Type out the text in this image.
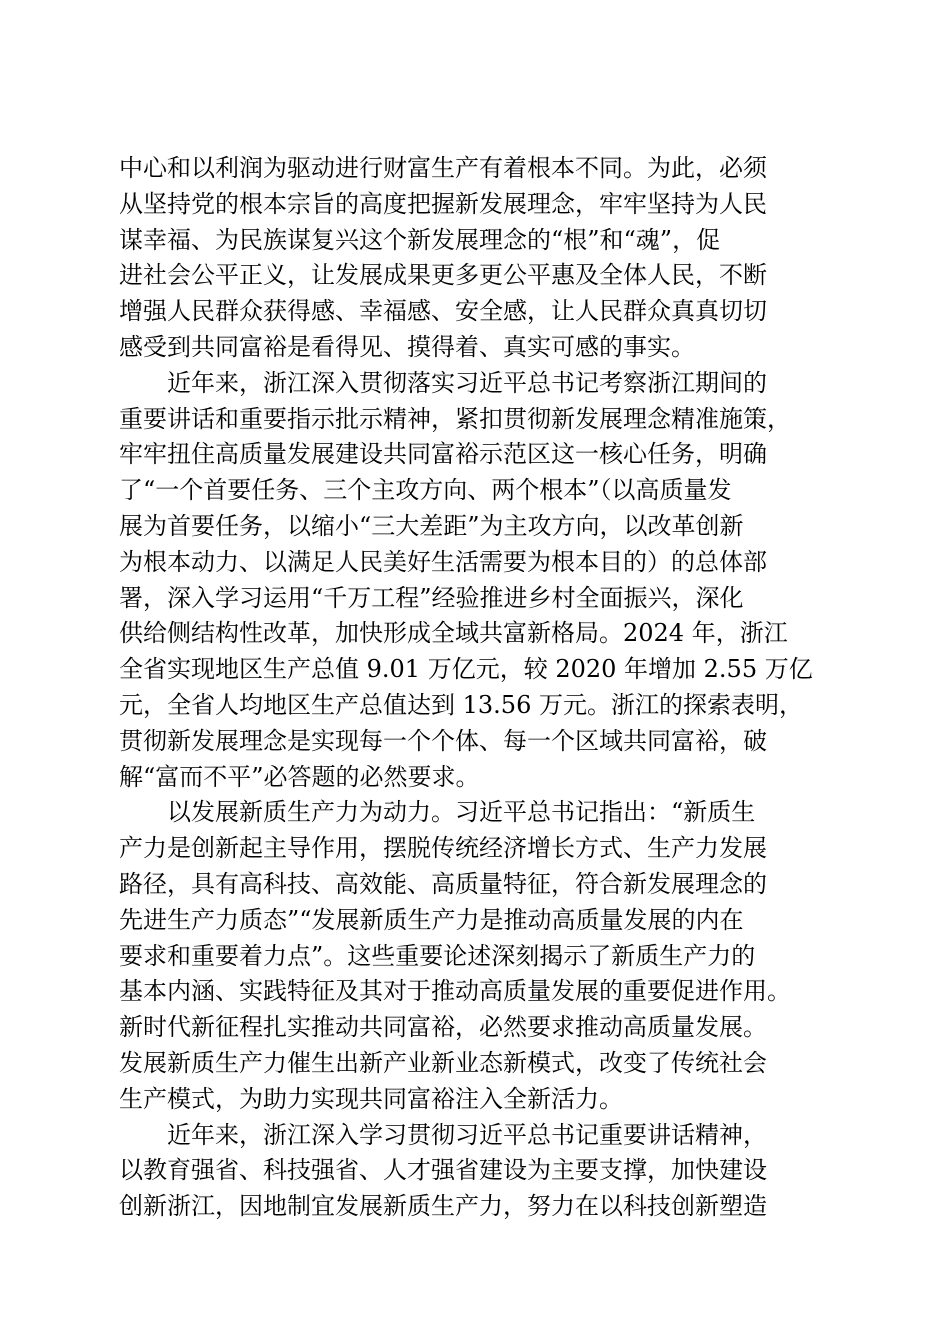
中心和以利润为驱动进行财富生产有着根本不同。为此，必须
从坚持党的根本宗旨的高度把握新发展理念，牢牢坚持为人民
谋幸福、为民族谋复兴这个新发展理念的“根”和“魂”，促
进社会公平正义，让发展成果更多更公平惠及全体人民，不断
增强人民群众获得感、幸福感、安全感，让人民群众真真切切
感受到共同富裕是看得见、摸得着、真实可感的事实。
　　近年来，浙江深入贯彻落实习近平总书记考察浙江期间的
重要讲话和重要指示批示精神，紧扣贯彻新发展理念精准施策，
牢牢扭住高质量发展建设共同富裕示范区这一核心任务，明确
了“一个首要任务、三个主攻方向、两个根本”（以高质量发
展为首要任务，以缩小“三大差距”为主攻方向，以改革创新
为根本动力、以满足人民美好生活需要为根本目的）的总体部
署，深入学习运用“千万工程”经验推进乡村全面振兴，深化
供给侧结构性改革，加快形成全域共富新格局。2024 年，浙江
全省实现地区生产总值 9.01 万亿元，较 2020 年增加 2.55 万亿
元，全省人均地区生产总值达到 13.56 万元。浙江的探索表明，
贯彻新发展理念是实现每一个个体、每一个区域共同富裕，破
解“富而不平”必答题的必然要求。
　　以发展新质生产力为动力。习近平总书记指出：“新质生
产力是创新起主导作用，摆脱传统经济增长方式、生产力发展
路径，具有高科技、高效能、高质量特征，符合新发展理念的
先进生产力质态”“发展新质生产力是推动高质量发展的内在
要求和重要着力点”。这些重要论述深刻揭示了新质生产力的
基本内涵、实践特征及其对于推动高质量发展的重要促进作用。
新时代新征程扎实推动共同富裕，必然要求推动高质量发展。
发展新质生产力催生出新产业新业态新模式，改变了传统社会
生产模式，为助力实现共同富裕注入全新活力。
　　近年来，浙江深入学习贯彻习近平总书记重要讲话精神，
以教育强省、科技强省、人才强省建设为主要支撑，加快建设
创新浙江，因地制宜发展新质生产力，努力在以科技创新塑造
